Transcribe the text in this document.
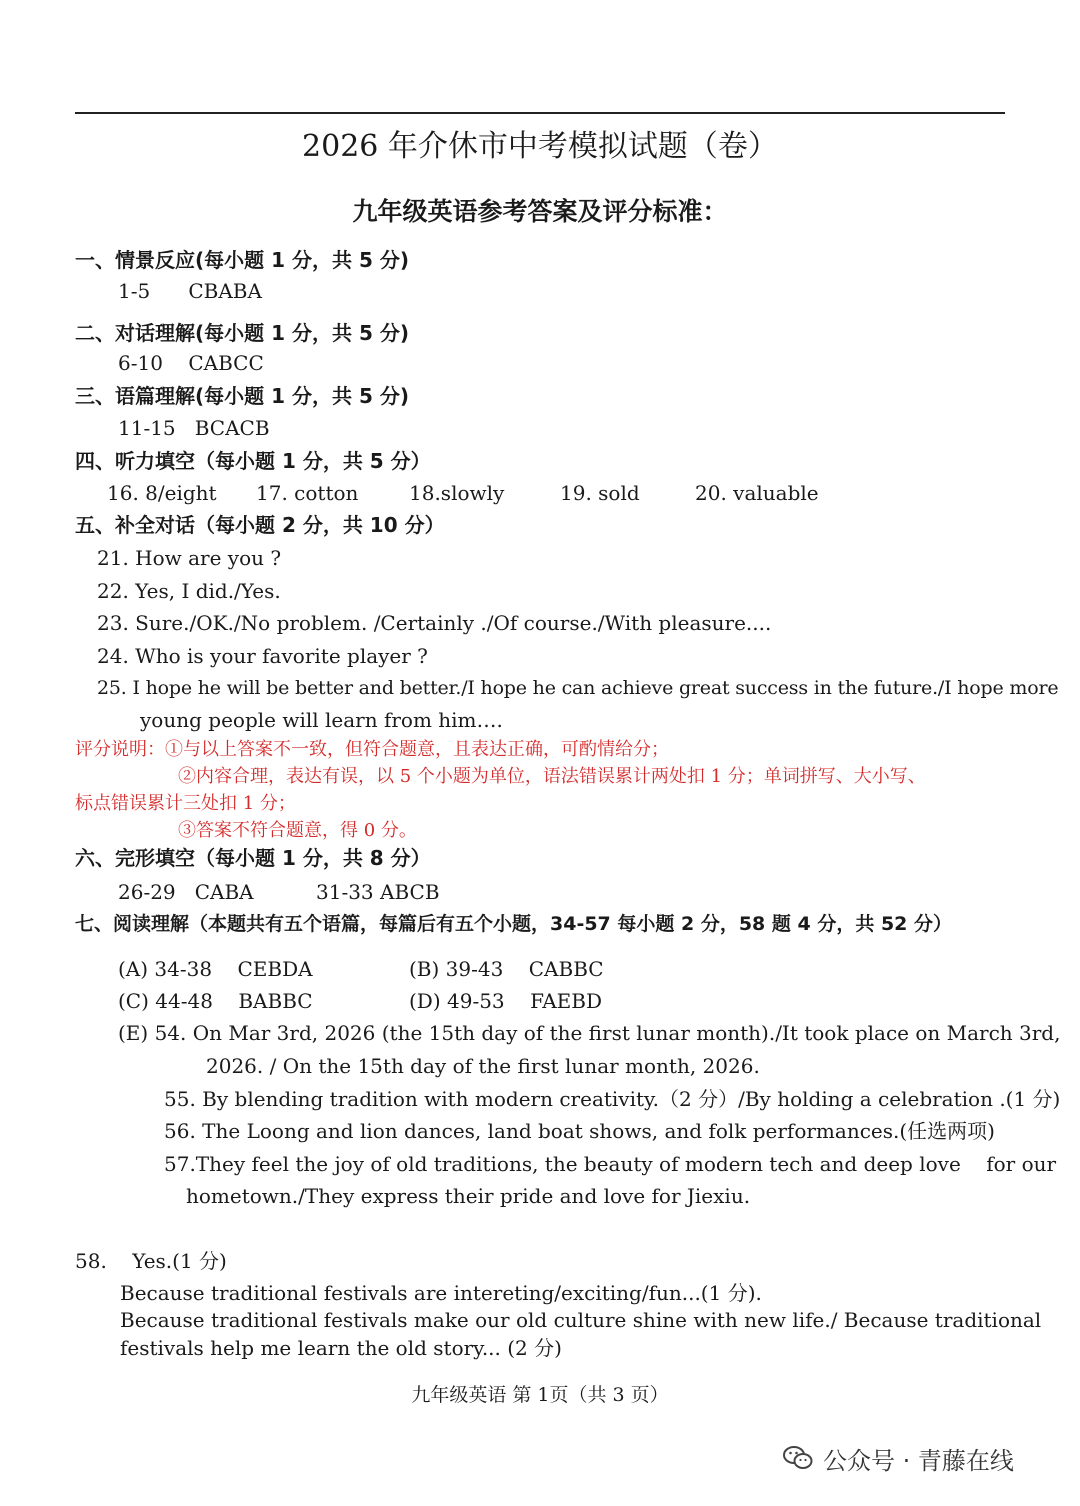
2026 年介休市中考模拟试题（卷）
九年级英语参考答案及评分标准：
一、情景反应(每小题 1 分，共 5 分)
1-5      CBABA
二、对话理解(每小题 1 分，共 5 分)
6-10    CABCC
三、语篇理解(每小题 1 分，共 5 分)
11-15   BCACB
四、听力填空（每小题 1 分，共 5 分）
16. 8/eight 17. cotton	18.slowly	19. sold	20. valuable
五、补全对话（每小题 2 分，共 10 分）
21. How are you ?
22. Yes, I did./Yes.
23. Sure./OK./No problem. /Certainly ./Of course./With pleasure....
24. Who is your favorite player ?
25. I hope he will be better and better./I hope he can achieve great success in the future./I hope more
young people will learn from him….
评分说明：①与以上答案不一致，但符合题意，且表达正确，可酌情给分；
②内容合理，表达有误，以 5 个小题为单位，语法错误累计两处扣 1 分；单词拼写、大小写、
标点错误累计三处扣 1 分；
③答案不符合题意，得 0 分。
六、完形填空（每小题 1 分，共 8 分）
26-29   CABA	31-33 ABCB
七、阅读理解（本题共有五个语篇，每篇后有五个小题，34-57 每小题 2 分，58 题 4 分，共 52 分）
(A) 34-38    CEBDA	(B) 39-43    CABBC
(C) 44-48    BABBC	(D) 49-53    FAEBD
(E) 54. On Mar 3rd, 2026 (the 15th day of the first lunar month)./It took place on March 3rd,
2026. / On the 15th day of the first lunar month, 2026.
55. By blending tradition with modern creativity.（2 分）/By holding a celebration .(1 分)
56. The Loong and lion dances, land boat shows, and folk performances.(任选两项)
57.They feel the joy of old traditions, the beauty of modern tech and deep love    for our
hometown./They express their pride and love for Jiexiu.
58.    Yes.(1 分)
Because traditional festivals are intereting/exciting/fun...(1 分).
Because traditional festivals make our old culture shine with new life./ Because traditional
festivals help me learn the old story... (2 分)
九年级英语 第 1页（共 3 页）
公众号 · 青藤在线
